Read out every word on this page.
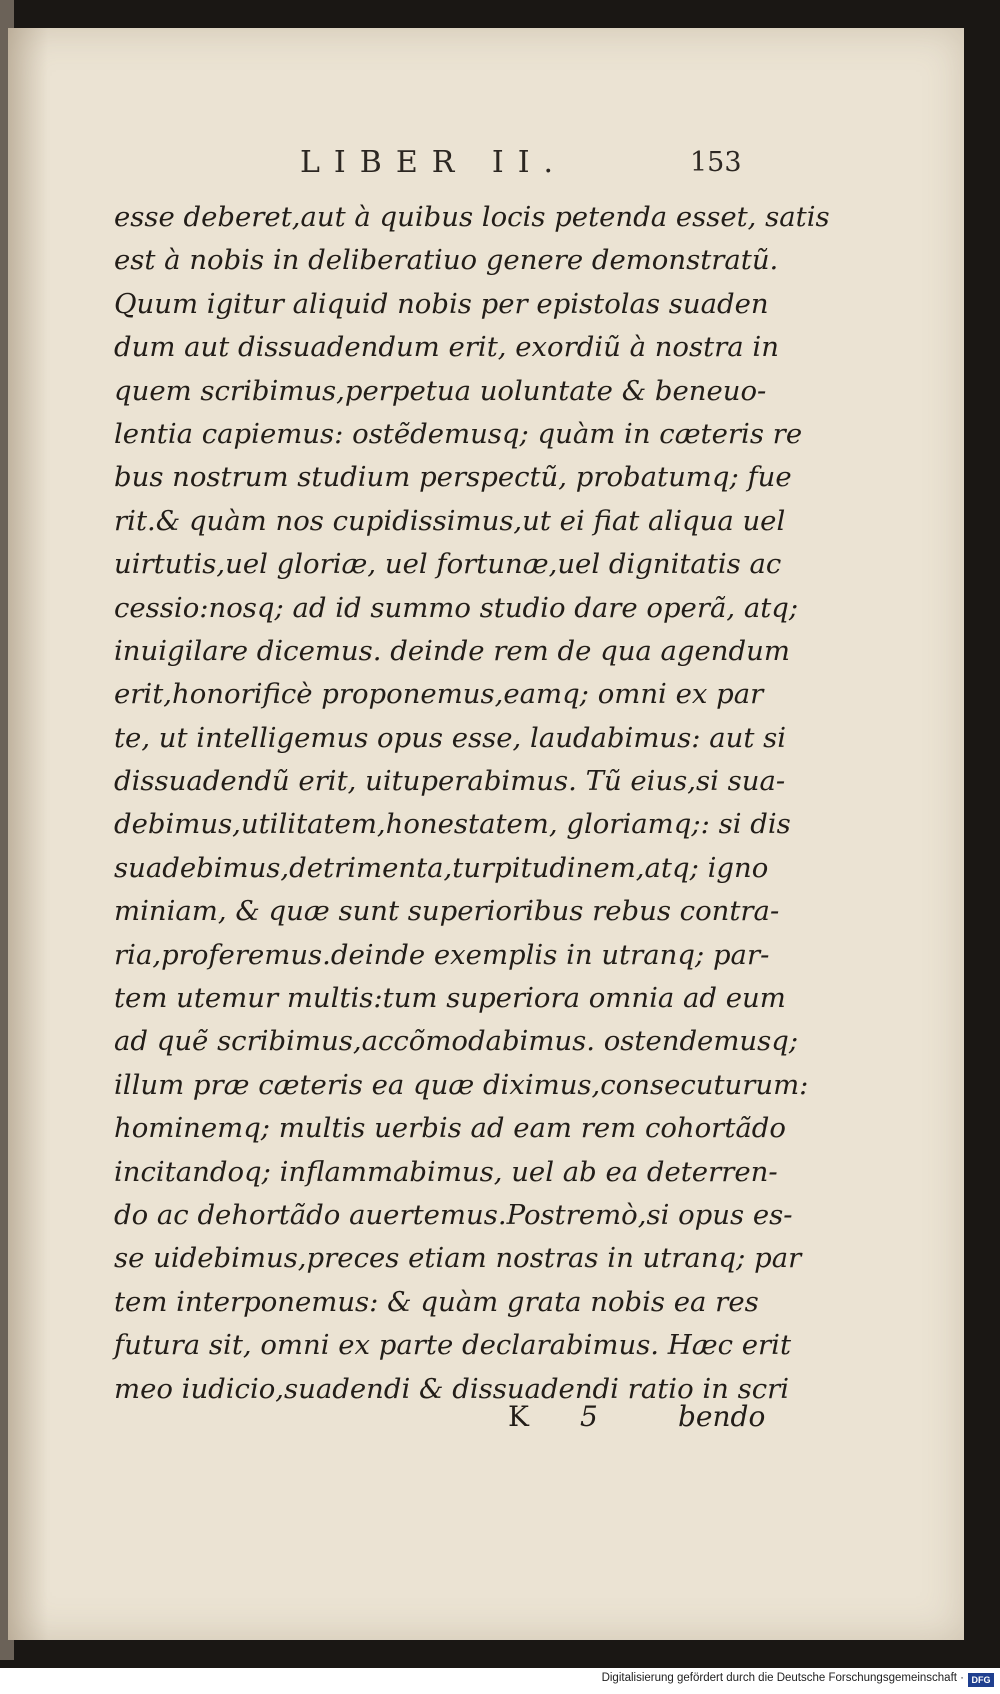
LIBER II.	153
esse deberet,aut à quibus locis petenda esset, satis
est à nobis in deliberatiuo genere demonstratũ.
Quum igitur aliquid nobis per epistolas suaden
dum aut dissuadendum erit, exordiũ à nostra in
quem scribimus,perpetua uoluntate & beneuo-
lentia capiemus: ostẽdemusq; quàm in cæteris re
bus nostrum studium perspectũ, probatumq; fue
rit.& quàm nos cupidissimus,ut ei fiat aliqua uel
uirtutis,uel gloriæ, uel fortunæ,uel dignitatis ac
cessio:nosq; ad id summo studio dare operã, atq;
inuigilare dicemus. deinde rem de qua agendum
erit,honorificè proponemus,eamq; omni ex par
te, ut intelligemus opus esse, laudabimus: aut si
dissuadendũ erit, uituperabimus. Tũ eius,si sua-
debimus,utilitatem,honestatem, gloriamq;: si dis
suadebimus,detrimenta,turpitudinem,atq; igno
miniam, & quæ sunt superioribus rebus contra-
ria,proferemus.deinde exemplis in utranq; par-
tem utemur multis:tum superiora omnia ad eum
ad quẽ scribimus,accõmodabimus. ostendemusq;
illum præ cæteris ea quæ diximus,consecuturum:
hominemq; multis uerbis ad eam rem cohortãdo
incitandoq; inflammabimus, uel ab ea deterren-
do ac dehortãdo auertemus.Postremò,si opus es-
se uidebimus,preces etiam nostras in utranq; par
tem interponemus: & quàm grata nobis ea res
futura sit, omni ex parte declarabimus. Hæc erit
meo iudicio,suadendi & dissuadendi ratio in scri
K 5	bendo
Digitalisierung gefördert durch die Deutsche Forschungsgemeinschaft · DFG
